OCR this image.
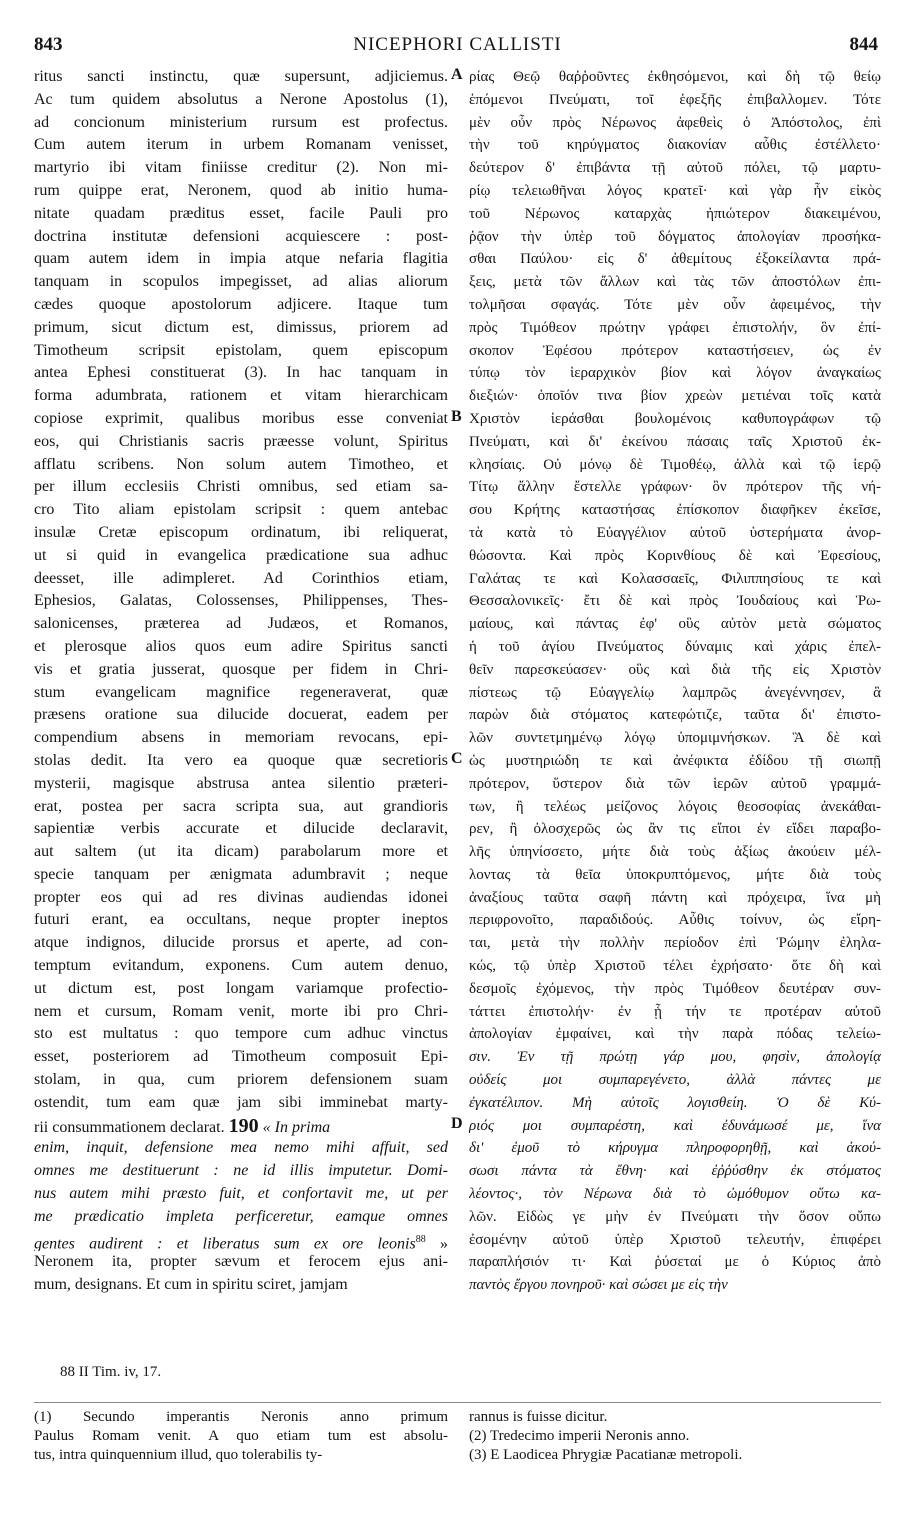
843	NICEPHORI CALLISTI	844
ritus sancti instinctu, quæ supersunt, adjiciemus.
Ac tum quidem absolutus a Nerone Apostolus (1),
ad concionum ministerium rursum est profectus.
Cum autem iterum in urbem Romanam venisset,
martyrio ibi vitam finiisse creditur (2). Non mi-
rum quippe erat, Neronem, quod ab initio huma-
nitate quadam præditus esset, facile Pauli pro
doctrina institutæ defensioni acquiescere : post-
quam autem idem in impia atque nefaria flagitia
tanquam in scopulos impegisset, ad alias aliorum
cædes quoque apostolorum adjicere. Itaque tum
primum, sicut dictum est, dimissus, priorem ad
Timotheum scripsit epistolam, quem episcopum
antea Ephesi constituerat (3). In hac tanquam in
forma adumbrata, rationem et vitam hierarchicam
copiose exprimit, qualibus moribus esse conveniat
eos, qui Christianis sacris præesse volunt, Spiritus
afflatu scribens. Non solum autem Timotheo, et
per illum ecclesiis Christi omnibus, sed etiam sa-
cro Tito aliam epistolam scripsit : quem antebac
insulæ Cretæ episcopum ordinatum, ibi reliquerat,
ut si quid in evangelica prædicatione sua adhuc
deesset, ille adimpleret. Ad Corinthios etiam,
Ephesios, Galatas, Colossenses, Philippenses, Thes-
salonicenses, præterea ad Judæos, et Romanos,
et plerosque alios quos eum adire Spiritus sancti
vis et gratia jusserat, quosque per fidem in Chri-
stum evangelicam magnifice regeneraverat, quæ
præsens oratione sua dilucide docuerat, eadem per
compendium absens in memoriam revocans, epi-
stolas dedit. Ita vero ea quoque quæ secretioris
mysterii, magisque abstrusa antea silentio præteri-
erat, postea per sacra scripta sua, aut grandioris
sapientiæ verbis accurate et dilucide declaravit,
aut saltem (ut ita dicam) parabolarum more et
specie tanquam per ænigmata adumbravit ; neque
propter eos qui ad res divinas audiendas idonei
futuri erant, ea occultans, neque propter ineptos
atque indignos, dilucide prorsus et aperte, ad con-
temptum evitandum, exponens. Cum autem denuo,
ut dictum est, post longam variamque profectio-
nem et cursum, Romam venit, morte ibi pro Chri-
sto est multatus : quo tempore cum adhuc vinctus
esset, posteriorem ad Timotheum composuit Epi-
stolam, in qua, cum priorem defensionem suam
ostendit, tum eam quæ jam sibi imminebat marty-
rii consummationem declarat. 190 « In prima
enim, inquit, defensione mea nemo mihi affuit, sed
omnes me destituerunt : ne id illis imputetur. Domi-
nus autem mihi præsto fuit, et confortavit me, ut per
me prædicatio impleta perficeretur, eamque omnes
gentes audirent : et liberatus sum ex ore leonis$^{88}$ »
Neronem ita, propter sævum et ferocem ejus ani-
mum, designans. Et cum in spiritu sciret, jamjam
ρίας Θεῷ θαῤῥοῦντες ἐκθησόμενοι, καὶ δὴ τῷ θείῳ
ἑπόμενοι Πνεύματι, τοῖ ἑφεξῆς ἐπιβαλλομεν. Τότε
μὲν οὖν πρὸς Νέρωνος ἀφεθεὶς ὁ Ἀπόστολος, ἐπὶ
τὴν τοῦ κηρύγματος διακονίαν αὖθις ἐστέλλετο·
δεύτερον δ' ἐπιβάντα τῇ αὐτοῦ πόλει, τῷ μαρτυ-
ρίῳ τελειωθῆναι λόγος κρατεῖ· καὶ γὰρ ἦν εἰκὸς
τοῦ Νέρωνος καταρχὰς ἠπιώτερον διακειμένου,
ῥᾷον τὴν ὑπὲρ τοῦ δόγματος ἀπολογίαν προσήκα-
σθαι Παύλου· εἰς δ' ἀθεμίτους ἐξοκείλαντα πρά-
ξεις, μετὰ τῶν ἄλλων καὶ τὰς τῶν ἀποστόλων ἐπι-
τολμῆσαι σφαγάς. Τότε μὲν οὖν ἀφειμένος, τὴν
πρὸς Τιμόθεον πρώτην γράφει ἐπιστολήν, ὃν ἐπί-
σκοπον Ἐφέσου πρότερον καταστήσειεν, ὡς ἐν
τύπῳ τὸν ἱεραρχικὸν βίον καὶ λόγον ἀναγκαίως
διεξιών· ὁποῖόν τινα βίον χρεὼν μετιέναι τοῖς κατὰ
Χριστὸν ἱεράσθαι βουλομένοις καθυπογράφων τῷ
Πνεύματι, καὶ δι' ἐκείνου πάσαις ταῖς Χριστοῦ ἐκ-
κλησίαις. Οὐ μόνῳ δὲ Τιμοθέῳ, ἀλλὰ καὶ τῷ ἱερῷ
Τίτῳ ἄλλην ἔστελλε γράφων· ὃν πρότερον τῆς νή-
σου Κρήτης καταστήσας ἐπίσκοπον διαφῆκεν ἐκεῖσε,
τὰ κατὰ τὸ Εὐαγγέλιον αὐτοῦ ὑστερήματα ἀνορ-
θώσοντα. Καὶ πρὸς Κορινθίους δὲ καὶ Ἐφεσίους,
Γαλάτας τε καὶ Κολασσαεῖς, Φιλιππησίους τε καὶ
Θεσσαλονικεῖς· ἔτι δὲ καὶ πρὸς Ἰουδαίους καὶ Ῥω-
μαίους, καὶ πάντας ἐφ' οὓς αὐτὸν μετὰ σώματος
ἡ τοῦ ἁγίου Πνεύματος δύναμις καὶ χάρις ἐπελ-
θεῖν παρεσκεύασεν· οὓς καὶ διὰ τῆς εἰς Χριστὸν
πίστεως τῷ Εὐαγγελίῳ λαμπρῶς ἀνεγέννησεν, ἃ
παρὼν διὰ στόματος κατεφώτιζε, ταῦτα δι' ἐπιστο-
λῶν συντετμημένῳ λόγῳ ὑπομιμνήσκων. Ἃ δὲ καὶ
ὡς μυστηριώδη τε καὶ ἀνέφικτα ἐδίδου τῇ σιωπῇ
πρότερον, ὕστερον διὰ τῶν ἱερῶν αὐτοῦ γραμμά-
των, ἢ τελέως μείζονος λόγοις θεοσοφίας ἀνεκάθαι-
ρεν, ἢ ὀλοσχερῶς ὡς ἂν τις εἴποι ἐν εἴδει παραβο-
λῆς ὑπηνίσσετο, μήτε διὰ τοὺς ἀξίως ἀκούειν μέλ-
λοντας τὰ θεῖα ὑποκρυπτόμενος, μήτε διὰ τοὺς
ἀναξίους ταῦτα σαφῆ πάντη καὶ πρόχειρα, ἵνα μὴ
περιφρονοῖτο, παραδιδούς. Αὖθις τοίνυν, ὡς εἴρη-
ται, μετὰ τὴν πολλὴν περίοδον ἐπὶ Ῥώμην ἐληλα-
κώς, τῷ ὑπὲρ Χριστοῦ τέλει ἐχρήσατο· ὅτε δὴ καὶ
δεσμοῖς ἐχόμενος, τὴν πρὸς Τιμόθεον δευτέραν συν-
τάττει ἐπιστολήν· ἐν ᾗ τήν τε προτέραν αὐτοῦ
ἀπολογίαν ἐμφαίνει, καὶ τὴν παρὰ πόδας τελείω-
σιν. Ἐν τῇ πρώτῃ γάρ μου, φησὶν, ἀπολογίᾳ
οὐδείς μοι συμπαρεγένετο, ἀλλὰ πάντες με
ἐγκατέλιπον. Μὴ αὐτοῖς λογισθείη. Ὁ δὲ Κύ-
ριός μοι συμπαρέστη, καὶ ἐδυνάμωσέ με, ἵνα
δι' ἐμοῦ τὸ κήρυγμα πληροφορηθῇ, καὶ ἀκού-
σωσι πάντα τὰ ἔθνη· καὶ ἐῤῥύσθην ἐκ στόματος
λέοντος·, τὸν Νέρωνα διὰ τὸ ὠμόθυμον οὕτω κα-
λῶν. Εἰδὼς γε μὴν ἐν Πνεύματι τὴν ὅσον οὔπω
ἐσομένην αὐτοῦ ὑπὲρ Χριστοῦ τελευτήν, ἐπιφέρει
παραπλήσιόν τι· Καὶ ῥύσεταί με ὁ Κύριος ἀπὸ
παντὸς ἔργου πονηροῦ· καὶ σώσει με εἰς τὴν
A
B
C
D
88 II Tim. iv, 17.
(1) Secundo imperantis Neronis anno primum
Paulus Romam venit. A quo etiam tum est absolu-
tus, intra quinquennium illud, quo tolerabilis ty-
rannus is fuisse dicitur.
(2) Tredecimo imperii Neronis anno.
(3) E Laodicea Phrygiæ Pacatianæ metropoli.
